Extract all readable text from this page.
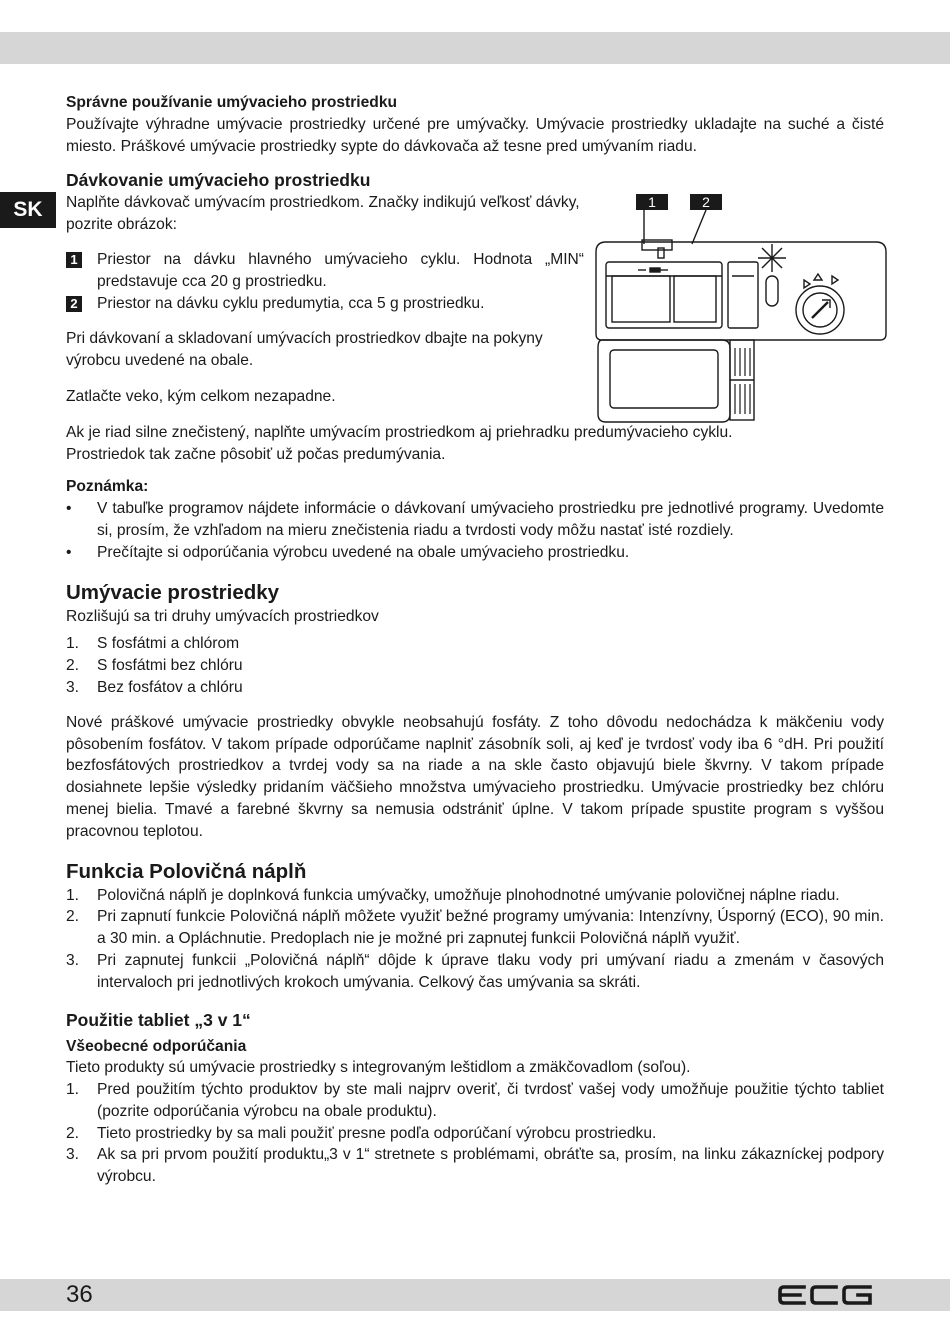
SK	1	2

Správne používanie umývacieho prostriedku

Používajte výhradne umývacie prostriedky určené pre umývačky. Umývacie prostriedky ukladajte na suché a čisté miesto. Práškové umývacie prostriedky sypte do dávkovača až tesne pred umývaním riadu.

Dávkovanie umývacieho prostriedku

Naplňte dávkovač umývacím prostriedkom. Značky indikujú veľkosť dávky, pozrite obrázok:

1 Priestor na dávku hlavného umývacieho cyklu. Hodnota „MIN“ predstavuje cca 20 g prostriedku.
2 Priestor na dávku cyklu predumytia, cca 5 g prostriedku.

Pri dávkovaní a skladovaní umývacích prostriedkov dbajte na pokyny výrobcu uvedené na obale.

Zatlačte veko, kým celkom nezapadne.

Ak je riad silne znečistený, naplňte umývacím prostriedkom aj priehradku predumývacieho cyklu. Prostriedok tak začne pôsobiť už počas predumývania.

Poznámka:

• V tabuľke programov nájdete informácie o dávkovaní umývacieho prostriedku pre jednotlivé programy. Uvedomte si, prosím, že vzhľadom na mieru znečistenia riadu a tvrdosti vody môžu nastať isté rozdiely.
• Prečítajte si odporúčania výrobcu uvedené na obale umývacieho prostriedku.

Umývacie prostriedky

Rozlišujú sa tri druhy umývacích prostriedkov

1. S fosfátmi a chlórom
2. S fosfátmi bez chlóru
3. Bez fosfátov a chlóru

Nové práškové umývacie prostriedky obvykle neobsahujú fosfáty. Z toho dôvodu nedochádza k mäkčeniu vody pôsobením fosfátov. V takom prípade odporúčame naplniť zásobník soli, aj keď je tvrdosť vody iba 6 °dH. Pri použití bezfosfátových prostriedkov a tvrdej vody sa na riade a na skle často objavujú biele škvrny. V takom prípade dosiahnete lepšie výsledky pridaním väčšieho množstva umývacieho prostriedku. Umývacie prostriedky bez chlóru menej bielia. Tmavé a farebné škvrny sa nemusia odstrániť úplne. V takom prípade spustite program s vyššou pracovnou teplotou.

Funkcia Polovičná náplň

1. Polovičná náplň je doplnková funkcia umývačky, umožňuje plnohodnotné umývanie polovičnej náplne riadu.
2. Pri zapnutí funkcie Polovičná náplň môžete využiť bežné programy umývania: Intenzívny, Úsporný (ECO), 90 min. a 30 min. a Opláchnutie. Predoplach nie je možné pri zapnutej funkcii Polovičná náplň využiť.
3. Pri zapnutej funkcii „Polovičná náplň“ dôjde k úprave tlaku vody pri umývaní riadu a zmenám v časových intervaloch pri jednotlivých krokoch umývania. Celkový čas umývania sa skráti.

Použitie tabliet „3 v 1“

Všeobecné odporúčania

Tieto produkty sú umývacie prostriedky s integrovaným leštidlom a zmäkčovadlom (soľou).

1. Pred použitím týchto produktov by ste mali najprv overiť, či tvrdosť vašej vody umožňuje použitie týchto tabliet (pozrite odporúčania výrobcu na obale produktu).
2. Tieto prostriedky by sa mali použiť presne podľa odporúčaní výrobcu prostriedku.
3. Ak sa pri prvom použití produktu„3 v 1“ stretnete s problémami, obráťte sa, prosím, na linku zákazníckej podpory výrobcu.
36
